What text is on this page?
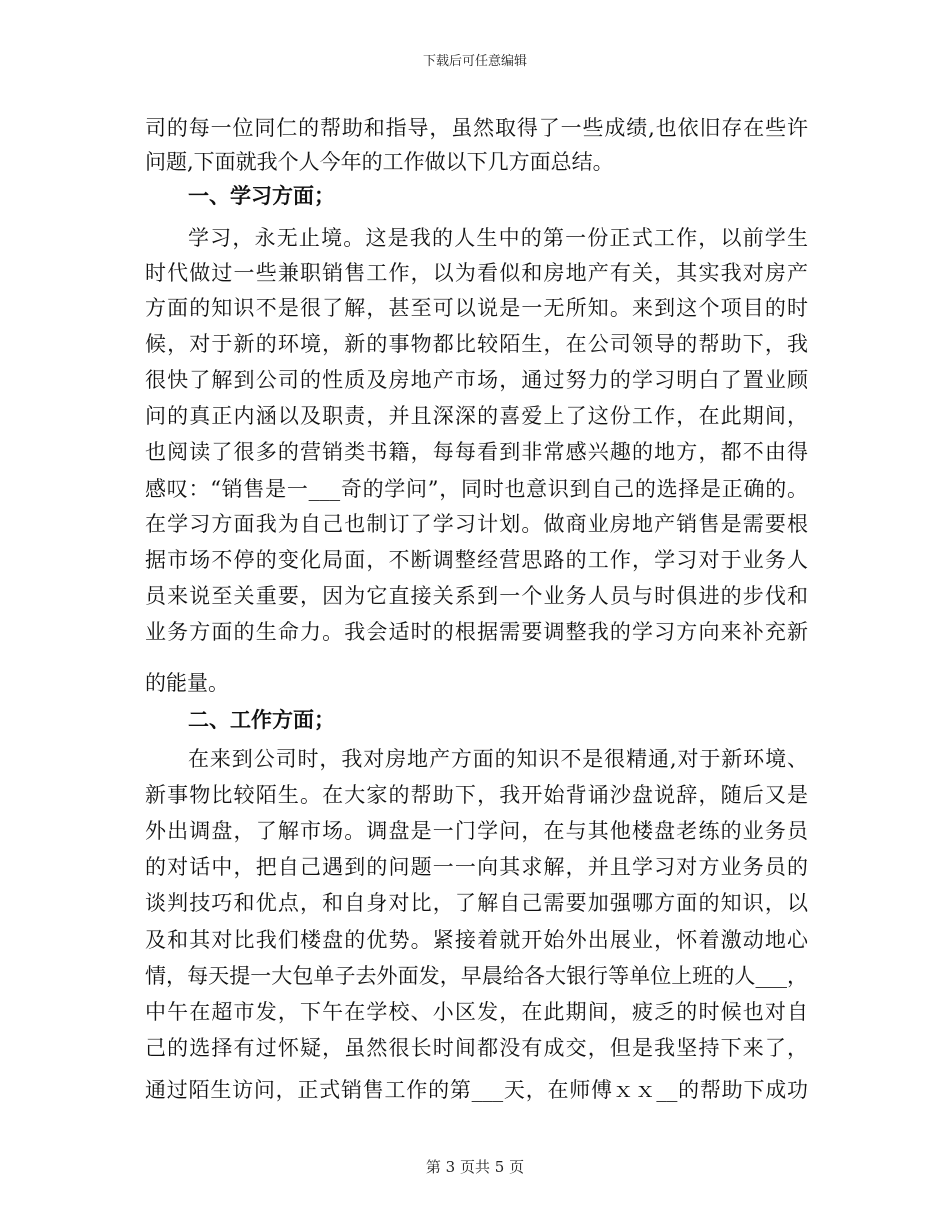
下载后可任意编辑
司的每一位同仁的帮助和指导，虽然取得了一些成绩,也依旧存在些许
问题,下面就我个人今年的工作做以下几方面总结。
一、学习方面；
学习，永无止境。这是我的人生中的第一份正式工作，以前学生
时代做过一些兼职销售工作，以为看似和房地产有关，其实我对房产
方面的知识不是很了解，甚至可以说是一无所知。来到这个项目的时
候，对于新的环境，新的事物都比较陌生，在公司领导的帮助下，我
很快了解到公司的性质及房地产市场，通过努力的学习明白了置业顾
问的真正内涵以及职责，并且深深的喜爱上了这份工作，在此期间，
也阅读了很多的营销类书籍，每每看到非常感兴趣的地方，都不由得
感叹：“销售是一___奇的学问”，同时也意识到自己的选择是正确的。
在学习方面我为自己也制订了学习计划。做商业房地产销售是需要根
据市场不停的变化局面，不断调整经营思路的工作，学习对于业务人
员来说至关重要，因为它直接关系到一个业务人员与时俱进的步伐和
业务方面的生命力。我会适时的根据需要调整我的学习方向来补充新
的能量。
二、工作方面；
在来到公司时，我对房地产方面的知识不是很精通,对于新环境、
新事物比较陌生。在大家的帮助下，我开始背诵沙盘说辞，随后又是
外出调盘，了解市场。调盘是一门学问，在与其他楼盘老练的业务员
的对话中，把自己遇到的问题一一向其求解，并且学习对方业务员的
谈判技巧和优点，和自身对比，了解自己需要加强哪方面的知识，以
及和其对比我们楼盘的优势。紧接着就开始外出展业，怀着激动地心
情，每天提一大包单子去外面发，早晨给各大银行等单位上班的人___，
中午在超市发，下午在学校、小区发，在此期间，疲乏的时候也对自
己的选择有过怀疑，虽然很长时间都没有成交，但是我坚持下来了，
通过陌生访问，正式销售工作的第___天，在师傅ｘｘ__的帮助下成功
第 3 页共 5 页
